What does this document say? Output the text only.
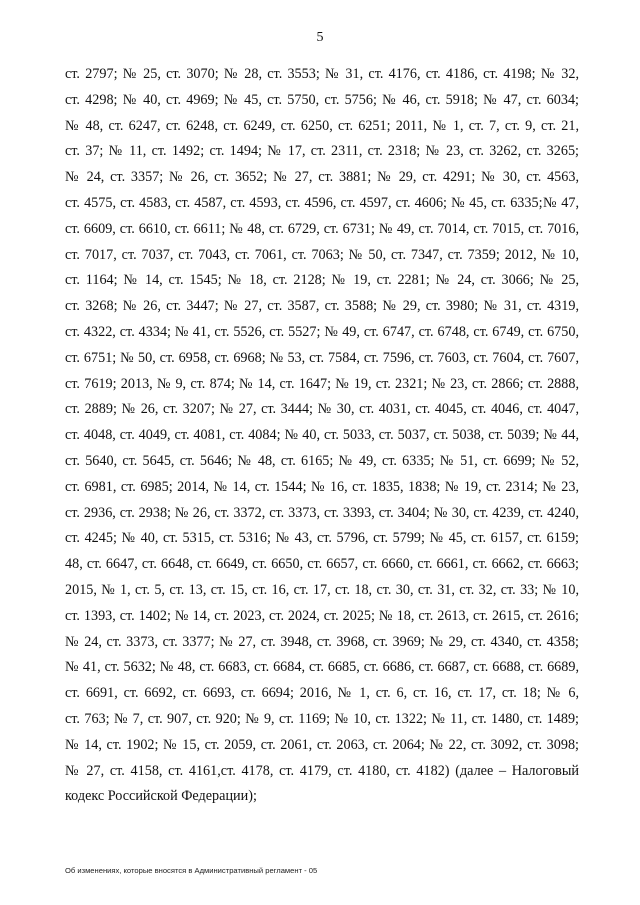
5
ст. 2797; № 25, ст. 3070; № 28, ст. 3553; № 31, ст. 4176, ст. 4186, ст. 4198; № 32,
ст. 4298; № 40, ст. 4969; № 45, ст. 5750, ст. 5756; № 46, ст. 5918; № 47, ст. 6034;
№ 48, ст. 6247, ст. 6248, ст. 6249, ст. 6250, ст. 6251; 2011, № 1, ст. 7, ст. 9, ст. 21,
ст. 37; № 11, ст. 1492; ст. 1494; № 17, ст. 2311, ст. 2318; № 23, ст. 3262, ст. 3265;
№ 24, ст. 3357; № 26, ст. 3652; № 27, ст. 3881; № 29, ст. 4291; № 30, ст. 4563,
ст. 4575, ст. 4583, ст. 4587, ст. 4593, ст. 4596, ст. 4597, ст. 4606; № 45, ст. 6335;№ 47,
ст. 6609, ст. 6610, ст. 6611; № 48, ст. 6729, ст. 6731; № 49, ст. 7014, ст. 7015, ст. 7016,
ст. 7017, ст. 7037, ст. 7043, ст. 7061, ст. 7063; № 50, ст. 7347, ст. 7359; 2012, № 10,
ст. 1164; № 14, ст. 1545; № 18, ст. 2128; № 19, ст. 2281; № 24, ст. 3066; № 25,
ст. 3268; № 26, ст. 3447; № 27, ст. 3587, ст. 3588; № 29, ст. 3980; № 31, ст. 4319,
ст. 4322, ст. 4334; № 41, ст. 5526, ст. 5527; № 49, ст. 6747, ст. 6748, ст. 6749, ст. 6750,
ст. 6751; № 50, ст. 6958, ст. 6968; № 53, ст. 7584, ст. 7596, ст. 7603, ст. 7604, ст. 7607,
ст. 7619; 2013, № 9, ст. 874; № 14, ст. 1647; № 19, ст. 2321; № 23, ст. 2866; ст. 2888,
ст. 2889; № 26, ст. 3207; № 27, ст. 3444; № 30, ст. 4031, ст. 4045, ст. 4046, ст. 4047,
ст. 4048, ст. 4049, ст. 4081, ст. 4084; № 40, ст. 5033, ст. 5037, ст. 5038, ст. 5039; № 44,
ст. 5640, ст. 5645, ст. 5646; № 48, ст. 6165; № 49, ст. 6335; № 51, ст. 6699; № 52,
ст. 6981, ст. 6985; 2014, № 14, ст. 1544; № 16, ст. 1835, 1838; № 19, ст. 2314; № 23,
ст. 2936, ст. 2938; № 26, ст. 3372, ст. 3373, ст. 3393, ст. 3404; № 30, ст. 4239, ст. 4240,
ст. 4245; № 40, ст. 5315, ст. 5316; № 43, ст. 5796, ст. 5799; № 45, ст. 6157, ст. 6159;
48, ст. 6647, ст. 6648, ст. 6649, ст. 6650, ст. 6657, ст. 6660, ст. 6661, ст. 6662, ст. 6663;
2015, № 1, ст. 5, ст. 13, ст. 15, ст. 16, ст. 17, ст. 18, ст. 30, ст. 31, ст. 32, ст. 33; № 10,
ст. 1393, ст. 1402; № 14, ст. 2023, ст. 2024, ст. 2025; № 18, ст. 2613, ст. 2615, ст. 2616;
№ 24, ст. 3373, ст. 3377; № 27, ст. 3948, ст. 3968, ст. 3969; № 29, ст. 4340, ст. 4358;
№ 41, ст. 5632; № 48, ст. 6683, ст. 6684, ст. 6685, ст. 6686, ст. 6687, ст. 6688, ст. 6689,
ст. 6691, ст. 6692, ст. 6693, ст. 6694; 2016, № 1, ст. 6, ст. 16, ст. 17, ст. 18; № 6,
ст. 763; № 7, ст. 907, ст. 920; № 9, ст. 1169; № 10, ст. 1322; № 11, ст. 1480, ст. 1489;
№ 14, ст. 1902; № 15, ст. 2059, ст. 2061, ст. 2063, ст. 2064; № 22, ст. 3092, ст. 3098;
№ 27, ст. 4158, ст. 4161,ст. 4178, ст. 4179, ст. 4180, ст. 4182) (далее – Налоговый
кодекс Российской Федерации);
Об изменениях, которые вносятся в Административный регламент - 05
